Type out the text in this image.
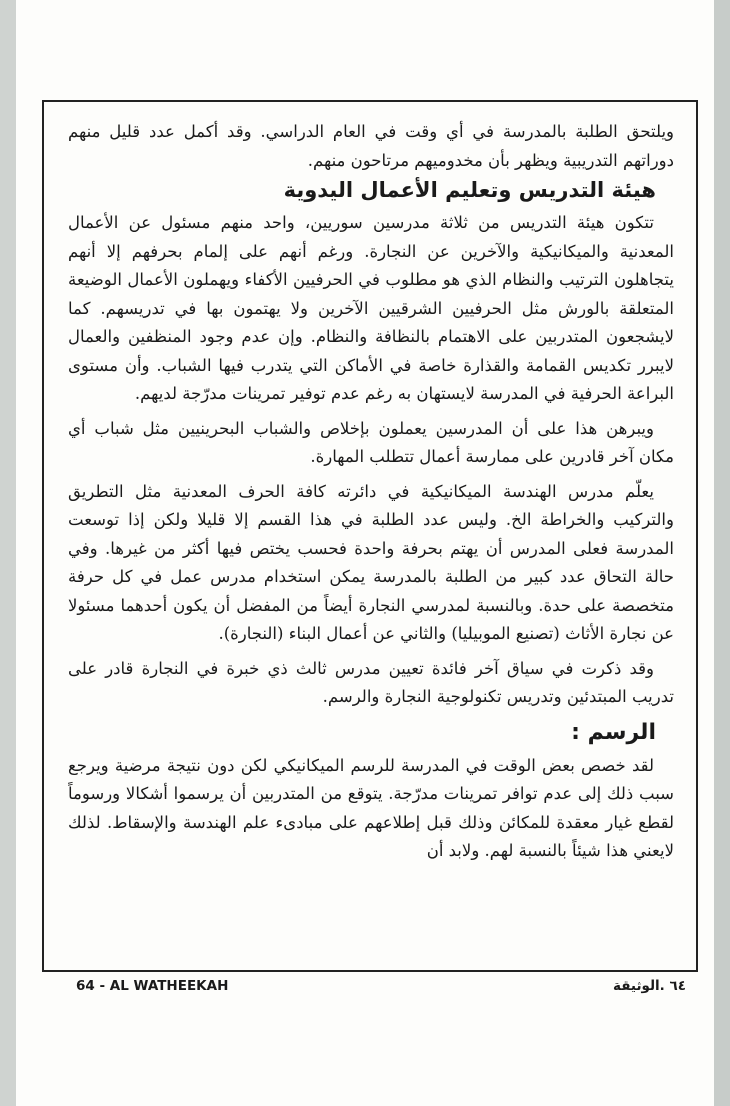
ويلتحق الطلبة بالمدرسة في أي وقت في العام الدراسي. وقد أكمل عدد قليل منهم دوراتهم التدريبية ويظهر بأن مخدوميهم مرتاحون منهم.

هيئة التدريس وتعليم الأعمال اليدوية

تتكون هيئة التدريس من ثلاثة مدرسين سوريين، واحد منهم مسئول عن الأعمال المعدنية والميكانيكية والآخرين عن النجارة. ورغم أنهم على إلمام بحرفهم إلا أنهم يتجاهلون الترتيب والنظام الذي هو مطلوب في الحرفيين الأكفاء ويهملون الأعمال الوضيعة المتعلقة بالورش مثل الحرفيين الشرقيين الآخرين ولا يهتمون بها في تدريسهم. كما لايشجعون المتدربين على الاهتمام بالنظافة والنظام. وإن عدم وجود المنظفين والعمال لايبرر تكديس القمامة والقذارة خاصة في الأماكن التي يتدرب فيها الشباب. وأن مستوى البراعة الحرفية في المدرسة لايستهان به رغم عدم توفير تمرينات مدرّجة لديهم.

ويبرهن هذا على أن المدرسين يعملون بإخلاص والشباب البحرينيين مثل شباب أي مكان آخر قادرين على ممارسة أعمال تتطلب المهارة.

يعلّم مدرس الهندسة الميكانيكية في دائرته كافة الحرف المعدنية مثل التطريق والتركيب والخراطة الخ. وليس عدد الطلبة في هذا القسم إلا قليلا ولكن إذا توسعت المدرسة فعلى المدرس أن يهتم بحرفة واحدة فحسب يختص فيها أكثر من غيرها. وفي حالة التحاق عدد كبير من الطلبة بالمدرسة يمكن استخدام مدرس عمل في كل حرفة متخصصة على حدة. وبالنسبة لمدرسي النجارة أيضاً من المفضل أن يكون أحدهما مسئولا عن نجارة الأثاث (تصنيع الموبيليا) والثاني عن أعمال البناء (النجارة).

وقد ذكرت في سياق آخر فائدة تعيين مدرس ثالث ذي خبرة في النجارة قادر على تدريب المبتدئين وتدريس تكنولوجية النجارة والرسم.

الرسم :

لقد خصص بعض الوقت في المدرسة للرسم الميكانيكي لكن دون نتيجة مرضية ويرجع سبب ذلك إلى عدم توافر تمرينات مدرّجة. يتوقع من المتدربين أن يرسموا أشكالا ورسوماً لقطع غيار معقدة للمكائن وذلك قبل إطلاعهم على مبادىء علم الهندسة والإسقاط. لذلك لايعني هذا شيئاً بالنسبة لهم. ولابد أن

64 - AL WATHEEKAH	٦٤ .الوثيقة
